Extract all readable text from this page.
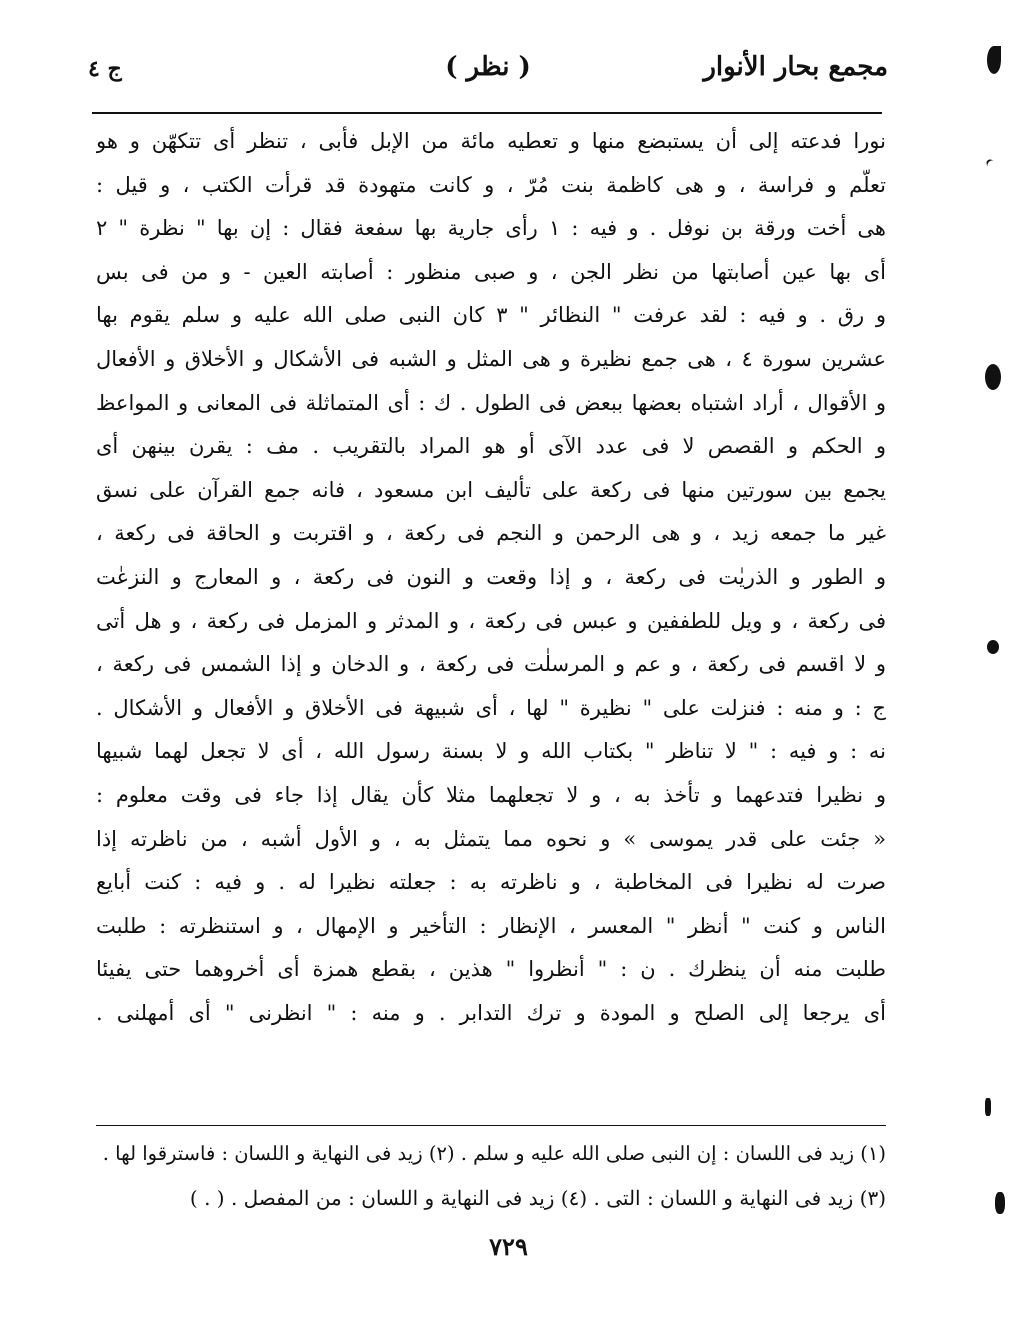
مجمع بحار الأنوار
( نظر )
ج ٤
نورا فدعته إلى أن يستبضع منها و تعطيه مائة من الإبل فأبى ، تنظر أى تتكهّن و هو
تعلّم و فراسة ، و هى كاظمة بنت مُرّ ، و كانت متهودة قد قرأت الكتب ، و قيل :
هى أخت ورقة بن نوفل . و فيه : ١ رأى جارية بها سفعة فقال : إن بها " نظرة " ٢
أى بها عين أصابتها من نظر الجن ، و صبى منظور : أصابته العين - و من فى بس
و رق . و فيه : لقد عرفت " النظائر " ٣ كان النبى صلى الله عليه و سلم يقوم بها
عشرين سورة ٤ ، هى جمع نظيرة و هى المثل و الشبه فى الأشكال و الأخلاق و الأفعال
و الأقوال ، أراد اشتباه بعضها ببعض فى الطول . ك : أى المتماثلة فى المعانى و المواعظ
و الحكم و القصص لا فى عدد الآى أو هو المراد بالتقريب . مف : يقرن بينهن أى
يجمع بين سورتين منها فى ركعة على تأليف ابن مسعود ، فانه جمع القرآن على نسق
غير ما جمعه زيد ، و هى الرحمن و النجم فى ركعة ، و اقتربت و الحاقة فى ركعة ،
و الطور و الذريٰت فى ركعة ، و إذا وقعت و النون فى ركعة ، و المعارج و النزعٰت
فى ركعة ، و ويل للطففين و عبس فى ركعة ، و المدثر و المزمل فى ركعة ، و هل أتى
و لا اقسم فى ركعة ، و عم و المرسلٰت فى ركعة ، و الدخان و إذا الشمس فى ركعة ،
ج : و منه : فنزلت على " نظيرة " لها ، أى شبيهة فى الأخلاق و الأفعال و الأشكال .
نه : و فيه : " لا تناظر " بكتاب الله و لا بسنة رسول الله ، أى لا تجعل لهما شبيها
و نظيرا فتدعهما و تأخذ به ، و لا تجعلهما مثلا كأن يقال إذا جاء فى وقت معلوم :
« جئت على قدر يموسى » و نحوه مما يتمثل به ، و الأول أشبه ، من ناظرته إذا
صرت له نظيرا فى المخاطبة ، و ناظرته به : جعلته نظيرا له . و فيه : كنت أبايع
الناس و كنت " أنظر " المعسر ، الإنظار : التأخير و الإمهال ، و استنظرته : طلبت
طلبت منه أن ينظرك . ن : " أنظروا " هذين ، بقطع همزة أى أخروهما حتى يفيئا
أى يرجعا إلى الصلح و المودة و ترك التدابر . و منه : " انظرنى " أى أمهلنى .
(١) زيد فى اللسان : إن النبى صلى الله عليه و سلم . (٢) زيد فى النهاية و اللسان : فاسترقوا لها .
(٣) زيد فى النهاية و اللسان : التى . (٤) زيد فى النهاية و اللسان : من المفصل . ( . )
٧٢٩
